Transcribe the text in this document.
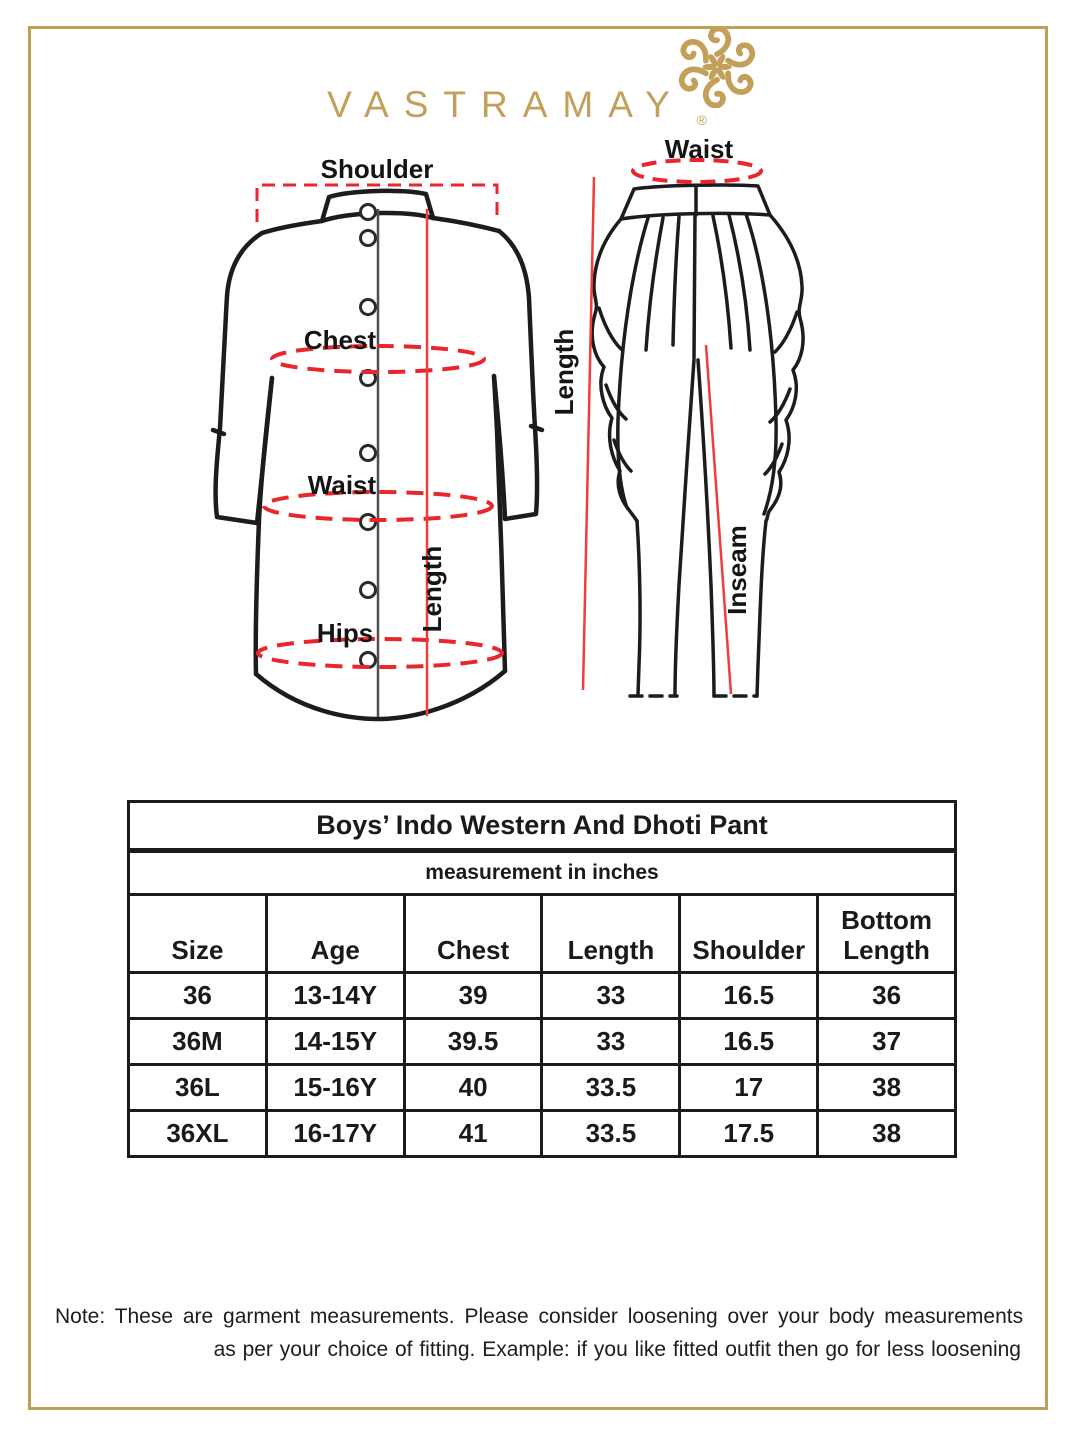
VASTRAMAY ®
Shoulder
Chest
Waist
Hips
Length
Waist
Length
Inseam
Boys’ Indo Western And Dhoti Pant					
measurement in inches					
Size	Age	Chest	Length	Shoulder	Bottom Length
36	13-14Y	39	33	16.5	36
36M	14-15Y	39.5	33	16.5	37
36L	15-16Y	40	33.5	17	38
36XL	16-17Y	41	33.5	17.5	38
Note: These are garment measurements. Please consider loosening over your body measurements
as per your choice of fitting. Example: if you like fitted outfit then go for less loosening
